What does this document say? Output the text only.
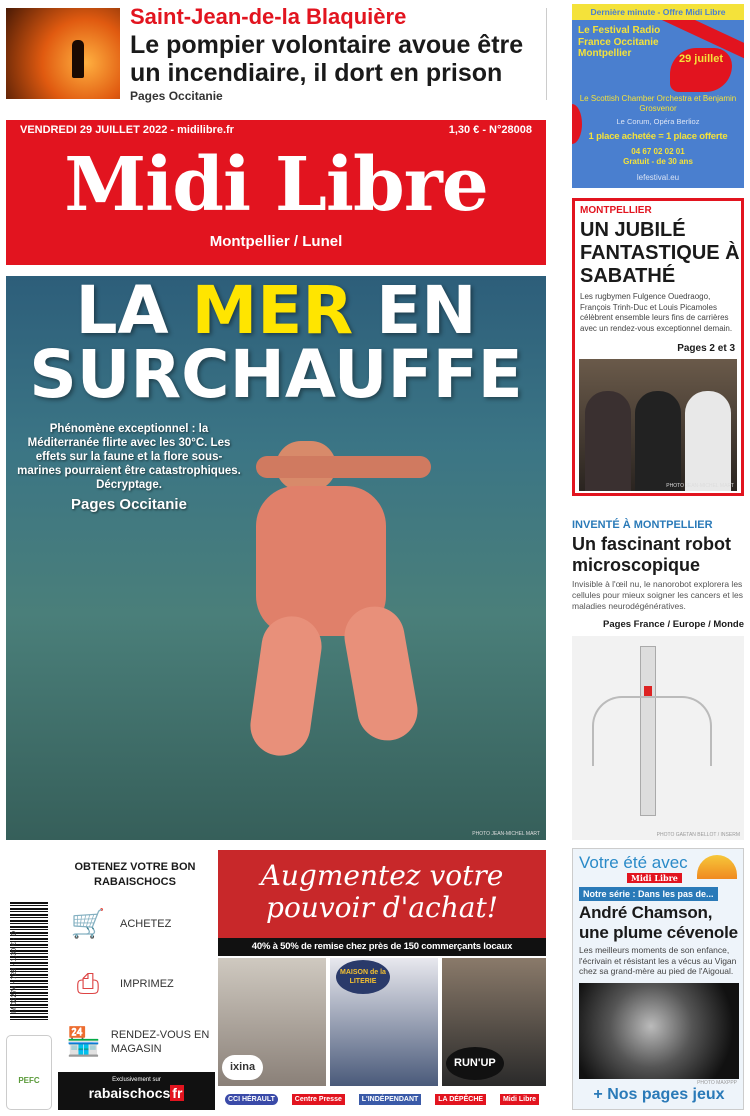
Saint-Jean-de-la Blaquière
Le pompier volontaire avoue être un incendiaire, il dort en prison
Pages Occitanie
VENDREDI 29 JUILLET 2022 - midilibre.fr	1,30 € - N°28008
Midi Libre
Montpellier / Lunel
LA MER EN
SURCHAUFFE
Phénomène exceptionnel : la Méditerranée flirte avec les 30°C. Les effets sur la faune et la flore sous-marines pourraient être catastrophiques. Décryptage.
Pages Occitanie
PHOTO JEAN-MICHEL MART
Dernière minute - Offre Midi Libre
Le Festival Radio France Occitanie Montpellier	29 juillet
Le Scottish Chamber Orchestra et Benjamin Grosvenor
Le Corum, Opéra Berlioz
1 place achetée = 1 place offerte
04 67 02 02 01
Gratuit - de 30 ans
lefestival.eu
MONTPELLIER
UN JUBILÉ FANTASTIQUE À SABATHÉ
Les rugbymen Fulgence Ouedraogo, François Trinh-Duc et Louis Picamoles célèbrent ensemble leurs fins de carrières avec un rendez-vous exceptionnel demain.
Pages 2 et 3
PHOTO JEAN-MICHEL MART
INVENTÉ À MONTPELLIER
Un fascinant robot microscopique
Invisible à l'œil nu, le nanorobot explorera les cellules pour mieux soigner les cancers et les maladies neurodégénératives.
Pages France / Europe / Monde
PHOTO GAETAN BELLOT / INSERM
M 02274 - 729 - 1,30 € - D
PEFC
OBTENEZ VOTRE BON RABAISCHOCS
🛒	ACHETEZ
⎙	IMPRIMEZ
🏪 RENDEZ-VOUS EN MAGASIN
Exclusivement sur
rabaischocs fr
Augmentez votre pouvoir d'achat!
40% à 50% de remise chez près de 150 commerçants locaux
ixina
MAISON de la LITERIE
RUN'UP
CCI HÉRAULT	Centre Presse	L'INDÉPENDANT	LA DÉPÊCHE	Midi Libre
Votre été avec
Midi Libre
Notre série : Dans les pas de...
André Chamson, une plume cévenole
Les meilleurs moments de son enfance, l'écrivain et résistant les a vécus au Vigan chez sa grand-mère au pied de l'Aigoual.
PHOTO MAXPPP
+ Nos pages jeux
